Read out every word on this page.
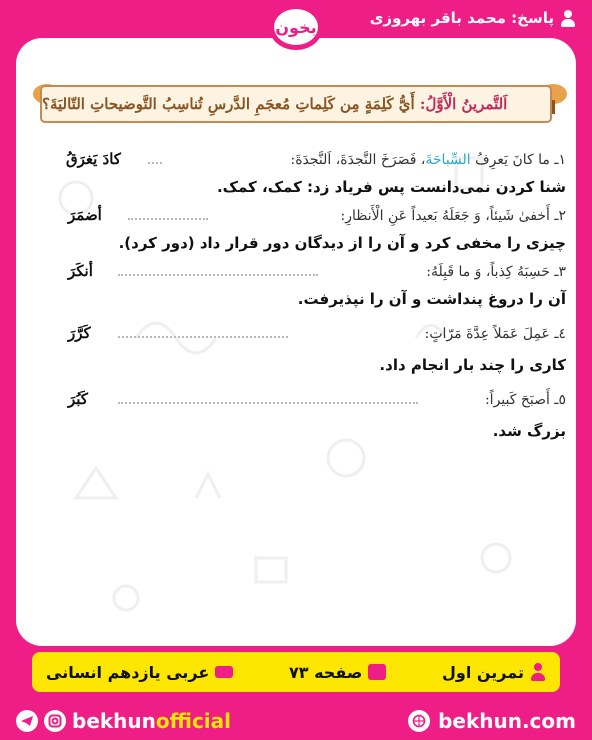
پاسخ: محمد باقر بهروزی
بخون
اَلتَّمرينُ الْأَوَّلُ: أَيُّ كَلِمَةٍ مِن كَلِماتِ مُعجَمِ الدَّرسِ تُناسِبُ التَّوضيحاتِ التّاليَةَ؟
١ـ ما كانَ يَعرِفُ السِّباحَةَ، فَصَرَخَ النَّجدَةَ، اَلنَّجدَةَ:
كادَ يَغرَقُ
شنا کردن نمی‌دانست پس فریاد زد: کمک، کمک.
٢ـ أَخفىٰ شَيئاً، وَ جَعَلَهُ بَعيداً عَنِ الْأَنظارِ:
أضمَرَ
چیزی را مخفی کرد و آن را از دیدگان دور قرار داد (دور کرد).
٣ـ حَسِبَهُ كِذباً، وَ ما قَبِلَهُ:
أنكَرَ
آن را دروغ پنداشت و آن را نپذیرفت.
٤ـ عَمِلَ عَمَلاً عِدَّةَ مَرّاتٍ:
كَرَّرَ
کاری را چند بار انجام داد.
٥ـ أَصبَحَ كَبيراً:
كَبُرَ
بزرگ شد.
تمرین اول
صفحه ٧٣
عربی یازدهم انسانی
bekhunofficial	bekhun.com
